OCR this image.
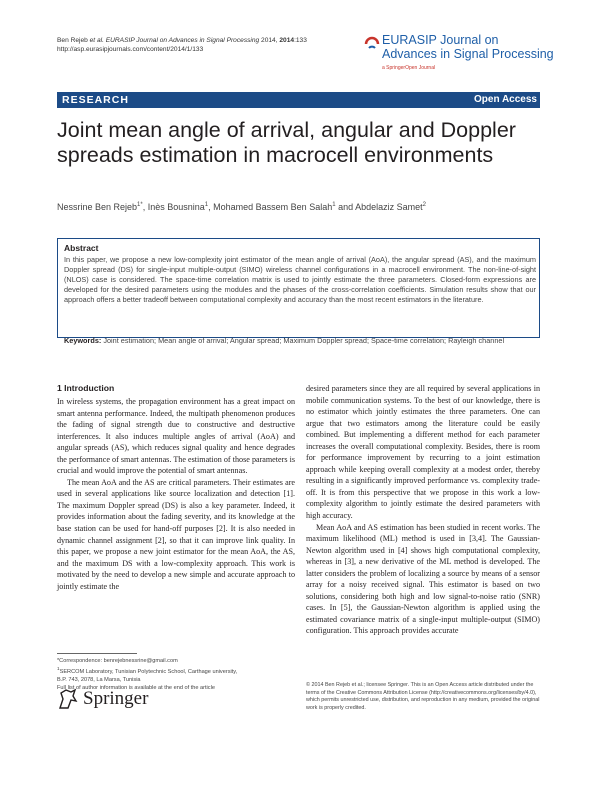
Ben Rejeb et al. EURASIP Journal on Advances in Signal Processing 2014, 2014:133
http://asp.eurasipjournals.com/content/2014/1/133
EURASIP Journal on
Advances in Signal Processing
a SpringerOpen Journal
RESEARCH	Open Access
Joint mean angle of arrival, angular and Doppler spreads estimation in macrocell environments
Nessrine Ben Rejeb$^{1*}$, Inès Bousnina$^1$, Mohamed Bassem Ben Salah$^1$ and Abdelaziz Samet$^2$
Abstract
In this paper, we propose a new low-complexity joint estimator of the mean angle of arrival (AoA), the angular spread (AS), and the maximum Doppler spread (DS) for single-input multiple-output (SIMO) wireless channel configurations in a macrocell environment. The non-line-of-sight (NLOS) case is considered. The space-time correlation matrix is used to jointly estimate the three parameters. Closed-form expressions are developed for the desired parameters using the modules and the phases of the cross-correlation coefficients. Simulation results show that our approach offers a better tradeoff between computational complexity and accuracy than the most recent estimators in the literature.
Keywords: Joint estimation; Mean angle of arrival; Angular spread; Maximum Doppler spread; Space-time correlation; Rayleigh channel
1 Introduction

In wireless systems, the propagation environment has a great impact on smart antenna performance. Indeed, the multipath phenomenon produces the fading of signal strength due to constructive and destructive interferences. It also induces multiple angles of arrival (AoA) and angular spreads (AS), which reduces signal quality and hence degrades the performance of smart antennas. The estimation of those parameters is crucial and would improve the potential of smart antennas.

The mean AoA and the AS are critical parameters. Their estimates are used in several applications like source localization and detection [1]. The maximum Doppler spread (DS) is also a key parameter. Indeed, it provides information about the fading severity, and its knowledge at the base station can be used for hand-off purposes [2]. It is also needed in dynamic channel assignment [2], so that it can improve link quality. In this paper, we propose a new joint estimator for the mean AoA, the AS, and the maximum DS with a low-complexity approach. This work is motivated by the need to develop a new simple and accurate approach to jointly estimate the

desired parameters since they are all required by several applications in mobile communication systems. To the best of our knowledge, there is no estimator which jointly estimates the three parameters. One can argue that two estimators among the literature could be easily combined. But implementing a different method for each parameter increases the overall computational complexity. Besides, there is room for performance improvement by recurring to a joint estimation approach while keeping overall complexity at a modest order, thereby resulting in a significantly improved performance vs. complexity trade-off. It is from this perspective that we propose in this work a low-complexity algorithm to jointly estimate the desired parameters with high accuracy.

Mean AoA and AS estimation has been studied in recent works. The maximum likelihood (ML) method is used in [3,4]. The Gaussian-Newton algorithm used in [4] shows high computational complexity, whereas in [3], a new derivative of the ML method is developed. The latter considers the problem of localizing a source by means of a sensor array for a noisy received signal. This estimator is based on two solutions, considering both high and low signal-to-noise ratio (SNR) cases. In [5], the Gaussian-Newton algorithm is applied using the estimated covariance matrix of a single-input multiple-output (SIMO) configuration. This approach provides accurate

*Correspondence: benrejebnessrine@gmail.com
$^1$SERCOM Laboratory, Tunisian Polytechnic School, Carthage university,
B.P. 743, 2078, La Marsa, Tunisia
Full list of author information is available at the end of the article
Springer
© 2014 Ben Rejeb et al.; licensee Springer. This is an Open Access article distributed under the terms of the Creative Commons Attribution License (http://creativecommons.org/licenses/by/4.0), which permits unrestricted use, distribution, and reproduction in any medium, provided the original work is properly credited.
